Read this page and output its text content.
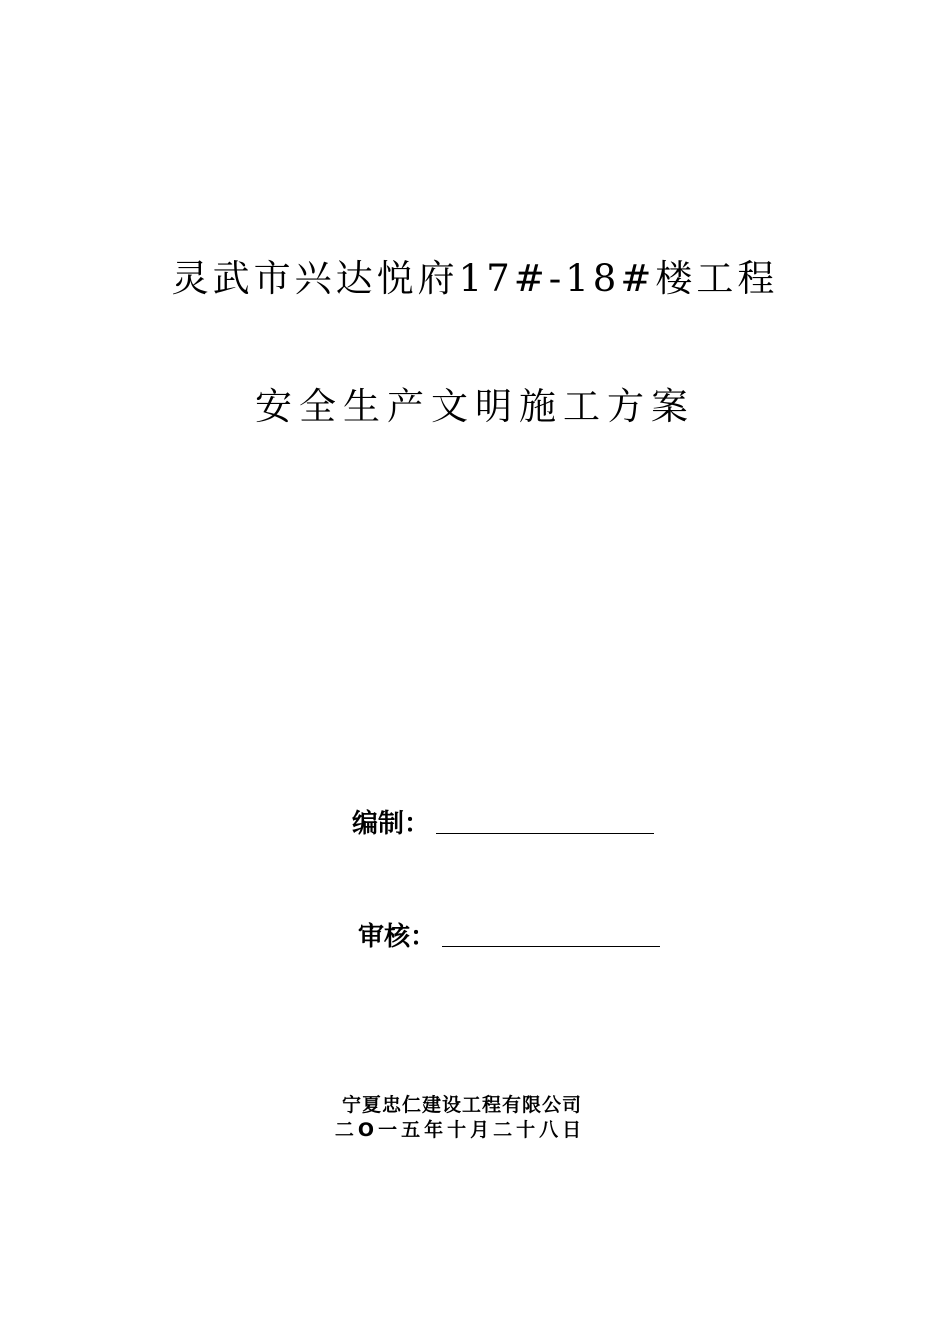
灵武市兴达悦府17#-18#楼工程
安全生产文明施工方案
编制：
审核：
宁夏忠仁建设工程有限公司
二O一五年十月二十八日
